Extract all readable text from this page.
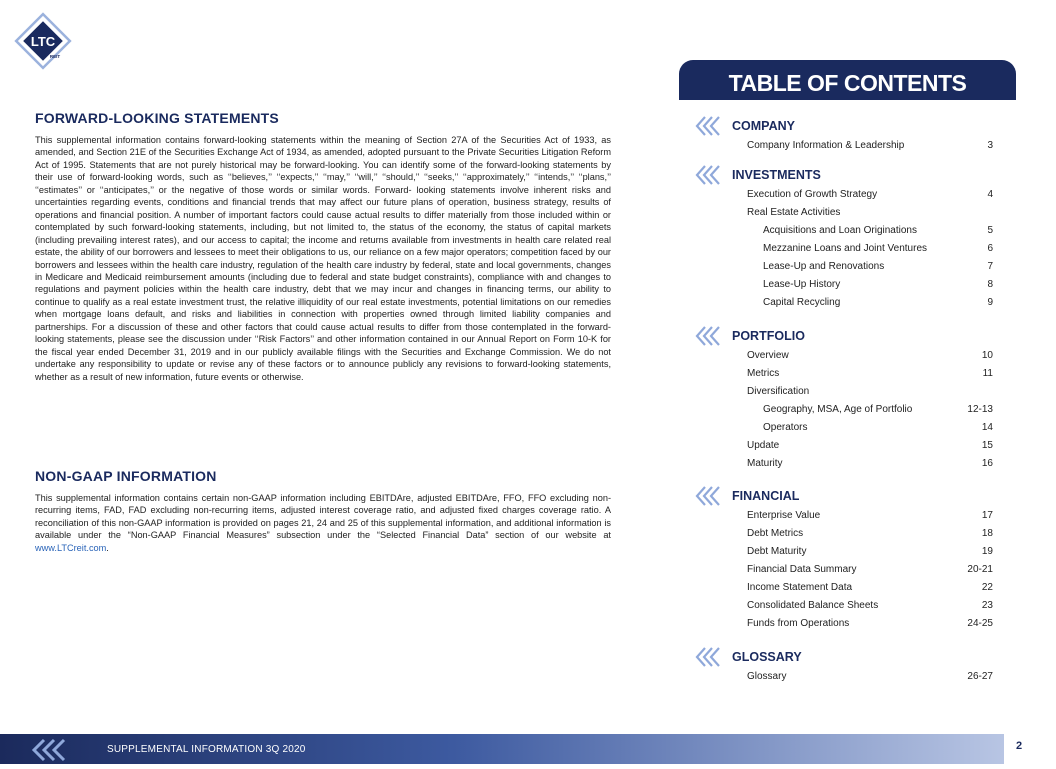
LTC
REIT
TABLE OF CONTENTS
FORWARD-LOOKING STATEMENTS

This supplemental information contains forward-looking statements within the meaning of Section 27A of the Securities Act of 1933, as amended, and Section 21E of the Securities Exchange Act of 1934, as amended, adopted pursuant to the Private Securities Litigation Reform Act of 1995. Statements that are not purely historical may be forward-looking. You can identify some of the forward-looking statements by their use of forward-looking words, such as ‘‘believes,’’ ‘‘expects,’’ ‘‘may,’’ ‘‘will,’’ ‘‘should,’’ ‘‘seeks,’’ ‘‘approximately,’’ ‘‘intends,’’ ‘‘plans,’’ ‘‘estimates’’ or ‘‘anticipates,’’ or the negative of those words or similar words. Forward- looking statements involve inherent risks and uncertainties regarding events, conditions and financial trends that may affect our future plans of operation, business strategy, results of operations and financial position. A number of important factors could cause actual results to differ materially from those included within or contemplated by such forward-looking statements, including, but not limited to, the status of the economy, the status of capital markets (including prevailing interest rates), and our access to capital; the income and returns available from investments in health care related real estate, the ability of our borrowers and lessees to meet their obligations to us, our reliance on a few major operators; competition faced by our borrowers and lessees within the health care industry, regulation of the health care industry by federal, state and local governments, changes in Medicare and Medicaid reimbursement amounts (including due to federal and state budget constraints), compliance with and changes to regulations and payment policies within the health care industry, debt that we may incur and changes in financing terms, our ability to continue to qualify as a real estate investment trust, the relative illiquidity of our real estate investments, potential limitations on our remedies when mortgage loans default, and risks and liabilities in connection with properties owned through limited liability companies and partnerships. For a discussion of these and other factors that could cause actual results to differ from those contemplated in the forward-looking statements, please see the discussion under ‘‘Risk Factors’’ and other information contained in our Annual Report on Form 10-K for the fiscal year ended December 31, 2019 and in our publicly available filings with the Securities and Exchange Commission. We do not undertake any responsibility to update or revise any of these factors or to announce publicly any revisions to forward-looking statements, whether as a result of new information, future events or otherwise.

NON-GAAP INFORMATION

This supplemental information contains certain non-GAAP information including EBITDAre, adjusted EBITDAre, FFO, FFO excluding non-recurring items, FAD, FAD excluding non-recurring items, adjusted interest coverage ratio, and adjusted fixed charges coverage ratio. A reconciliation of this non-GAAP information is provided on pages 21, 24 and 25 of this supplemental information, and additional information is available under the “Non-GAAP Financial Measures” subsection under the “Selected Financial Data” section of our website at www.LTCreit.com.

COMPANY
Company Information & Leadership	3
INVESTMENTS
Execution of Growth Strategy	4
Real Estate Activities
Acquisitions and Loan Originations	5
Mezzanine Loans and Joint Ventures	6
Lease-Up and Renovations	7
Lease-Up History	8
Capital Recycling	9
PORTFOLIO
Overview	10
Metrics	11
Diversification
Geography, MSA, Age of Portfolio	12-13
Operators	14
Update	15
Maturity	16
FINANCIAL
Enterprise Value	17
Debt Metrics	18
Debt Maturity	19
Financial Data Summary	20-21
Income Statement Data	22
Consolidated Balance Sheets	23
Funds from Operations	24-25
GLOSSARY
Glossary	26-27
SUPPLEMENTAL INFORMATION 3Q 2020	2
